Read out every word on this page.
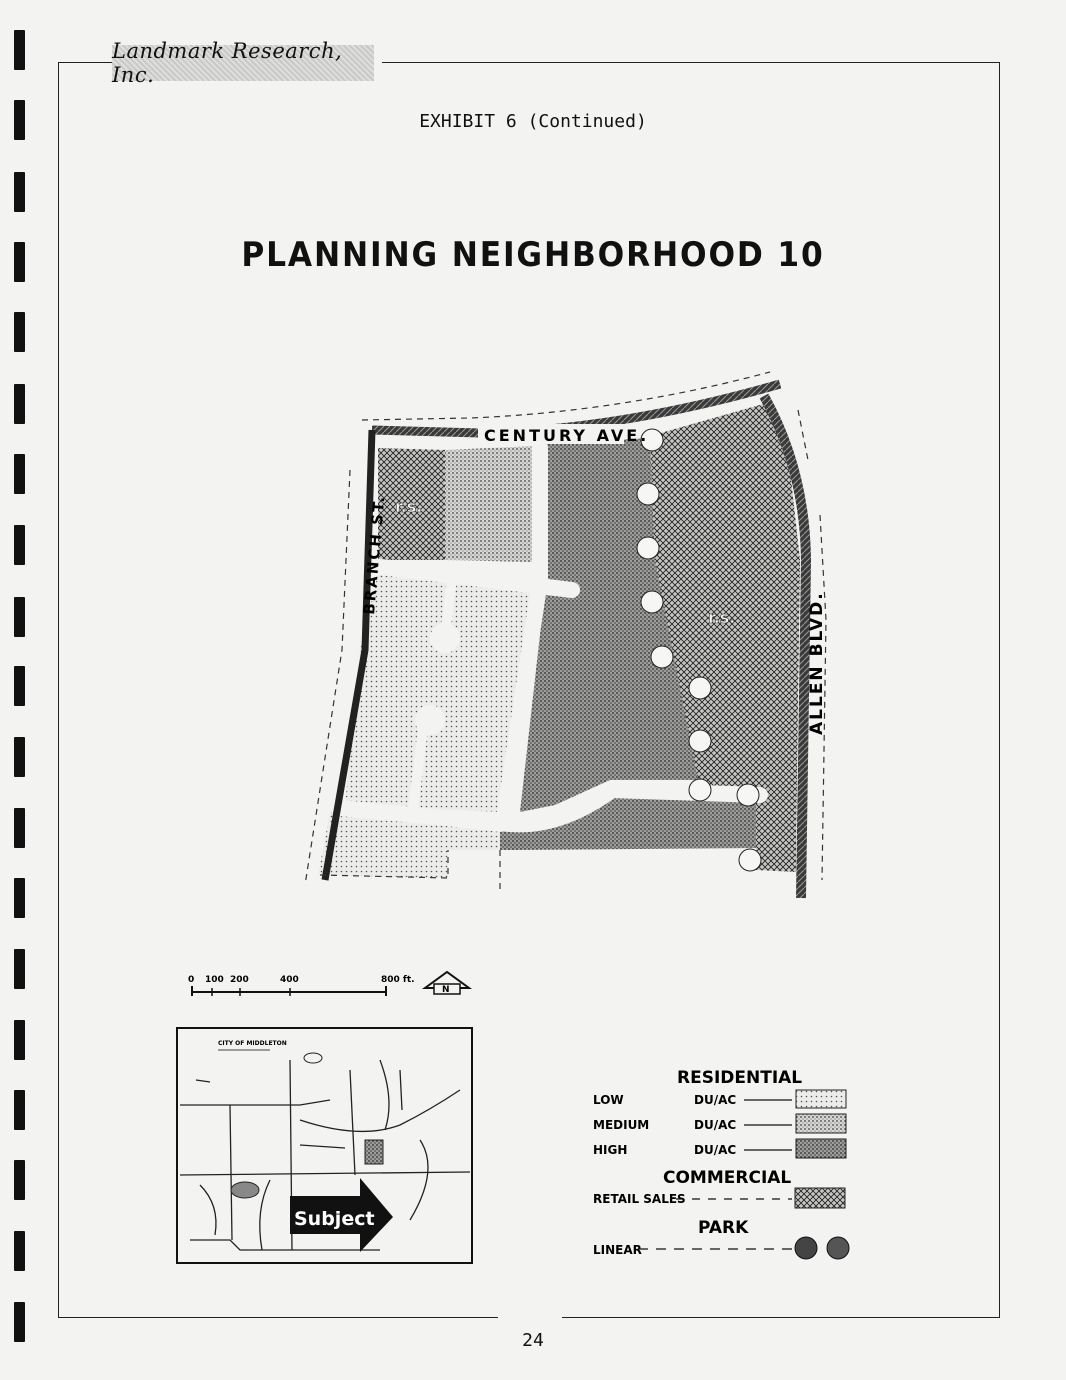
Landmark Research, Inc.
EXHIBIT 6 (Continued)
PLANNING NEIGHBORHOOD 10
CENTURY AVE.
BRANCH ST.
ALLEN BLVD.
r.s.
r.s.
0 100 200	400	800 ft.
N
CITY OF MIDDLETON
Subject
RESIDENTIAL
LOW	DU/AC
MEDIUM	DU/AC
HIGH	DU/AC
COMMERCIAL
RETAIL SALES
PARK
LINEAR
24
